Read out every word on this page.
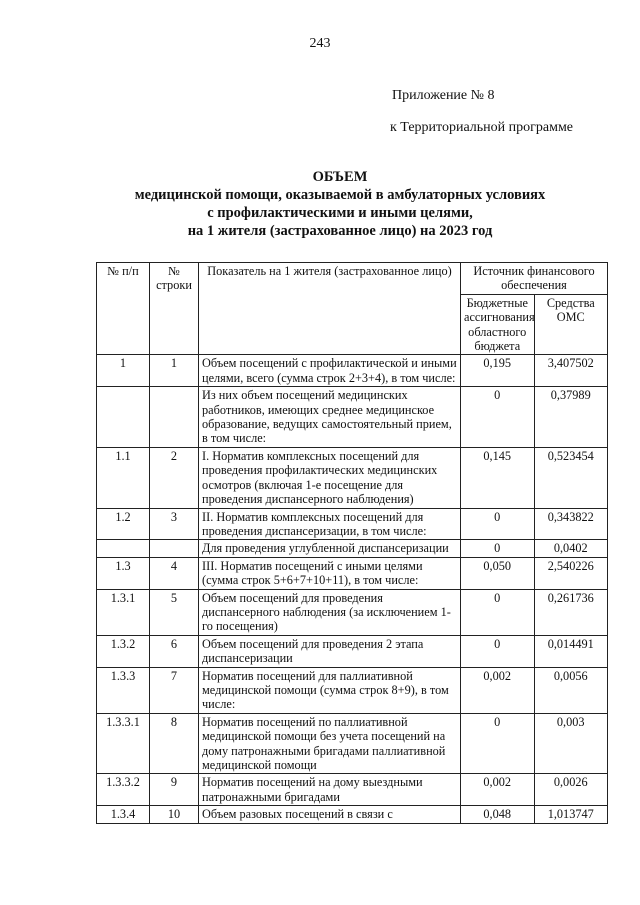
243
Приложение № 8
к Территориальной программе
ОБЪЕМ
медицинской помощи, оказываемой в амбулаторных условиях
с профилактическими и иными целями,
на 1 жителя (застрахованное лицо) на 2023 год
№ п/п	№ строки	Показатель на 1 жителя (застрахованное лицо)	Источник финансового обеспечения	
			Бюджетные ассигнования областного бюджета	Средства ОМС
1	1	Объем посещений с профилактической и иными целями, всего (сумма строк 2+3+4), в том числе:	0,195	3,407502
		Из них объем посещений медицинских работников, имеющих среднее медицинское образование, ведущих самостоятельный прием, в том числе:	0	0,37989
1.1	2	I. Норматив комплексных посещений для проведения профилактических медицинских осмотров (включая 1-е посещение для проведения диспансерного наблюдения)	0,145	0,523454
1.2	3	II. Норматив комплексных посещений для проведения диспансеризации, в том числе:	0	0,343822
		Для проведения углубленной диспансеризации	0	0,0402
1.3	4	III. Норматив посещений с иными целями (сумма строк 5+6+7+10+11), в том числе:	0,050	2,540226
1.3.1	5	Объем посещений для проведения диспансерного наблюдения (за исключением 1-го посещения)	0	0,261736
1.3.2	6	Объем посещений для проведения 2 этапа диспансеризации	0	0,014491
1.3.3	7	Норматив посещений для паллиативной медицинской помощи (сумма строк 8+9), в том числе:	0,002	0,0056
1.3.3.1	8	Норматив посещений по паллиативной медицинской помощи без учета посещений на дому патронажными бригадами паллиативной медицинской помощи	0	0,003
1.3.3.2	9	Норматив посещений на дому выездными патронажными бригадами	0,002	0,0026
1.3.4	10	Объем разовых посещений в связи с	0,048	1,013747
